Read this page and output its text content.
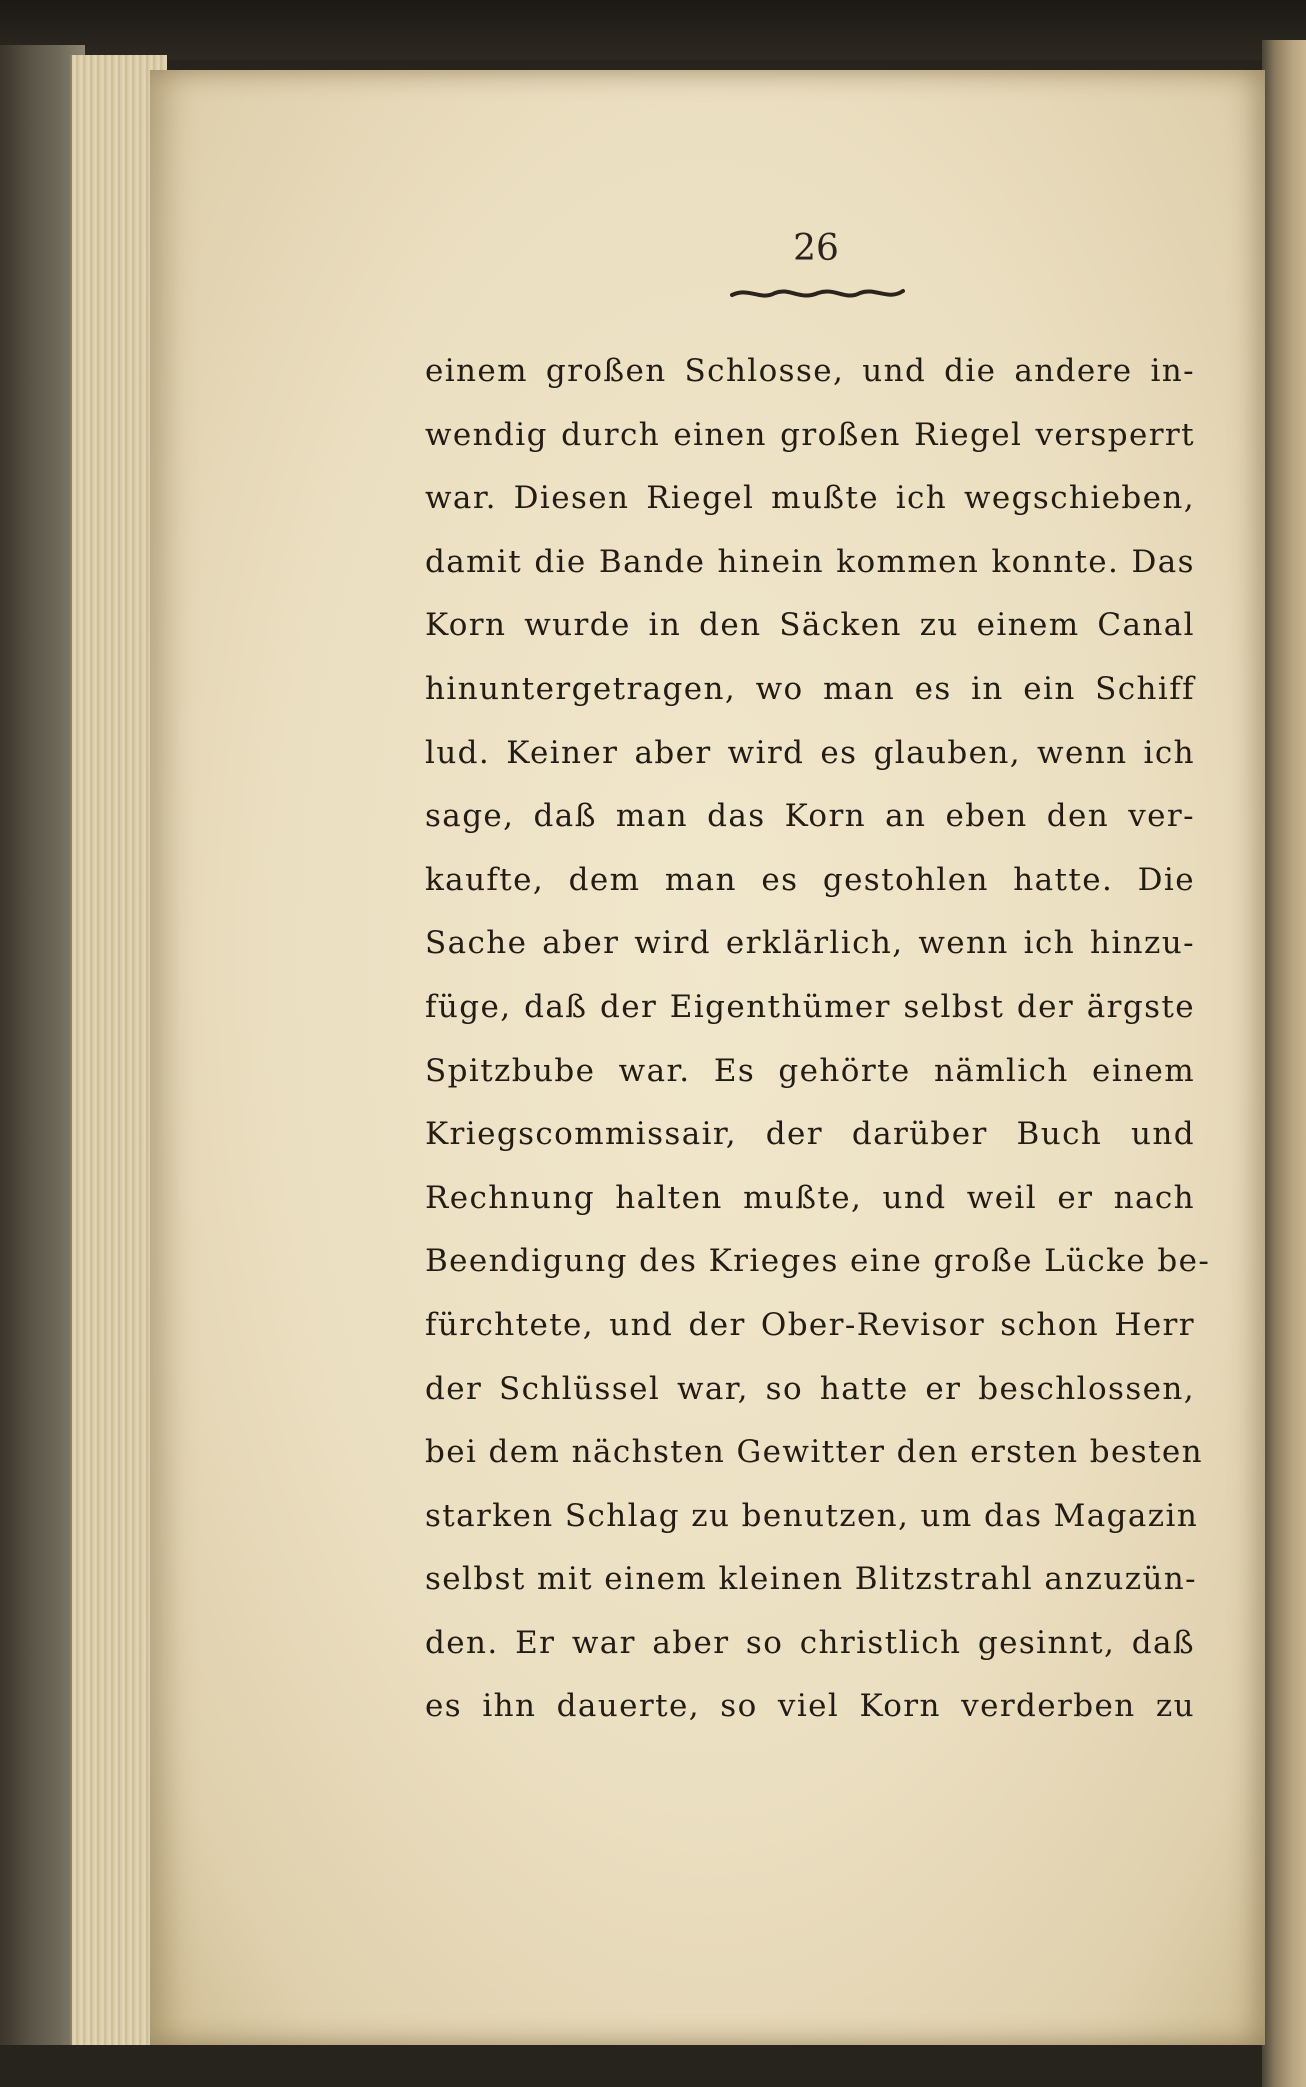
26
einem großen Schlosse, und die andere in-
wendig durch einen großen Riegel versperrt
war. Diesen Riegel mußte ich wegschieben,
damit die Bande hinein kommen konnte. Das
Korn wurde in den Säcken zu einem Canal
hinuntergetragen, wo man es in ein Schiff
lud. Keiner aber wird es glauben, wenn ich
sage, daß man das Korn an eben den ver-
kaufte, dem man es gestohlen hatte. Die
Sache aber wird erklärlich, wenn ich hinzu-
füge, daß der Eigenthümer selbst der ärgste
Spitzbube war. Es gehörte nämlich einem
Kriegscommissair, der darüber Buch und
Rechnung halten mußte, und weil er nach
Beendigung des Krieges eine große Lücke be-
fürchtete, und der Ober-Revisor schon Herr
der Schlüssel war, so hatte er beschlossen,
bei dem nächsten Gewitter den ersten besten
starken Schlag zu benutzen, um das Magazin
selbst mit einem kleinen Blitzstrahl anzuzün-
den. Er war aber so christlich gesinnt, daß
es ihn dauerte, so viel Korn verderben zu
